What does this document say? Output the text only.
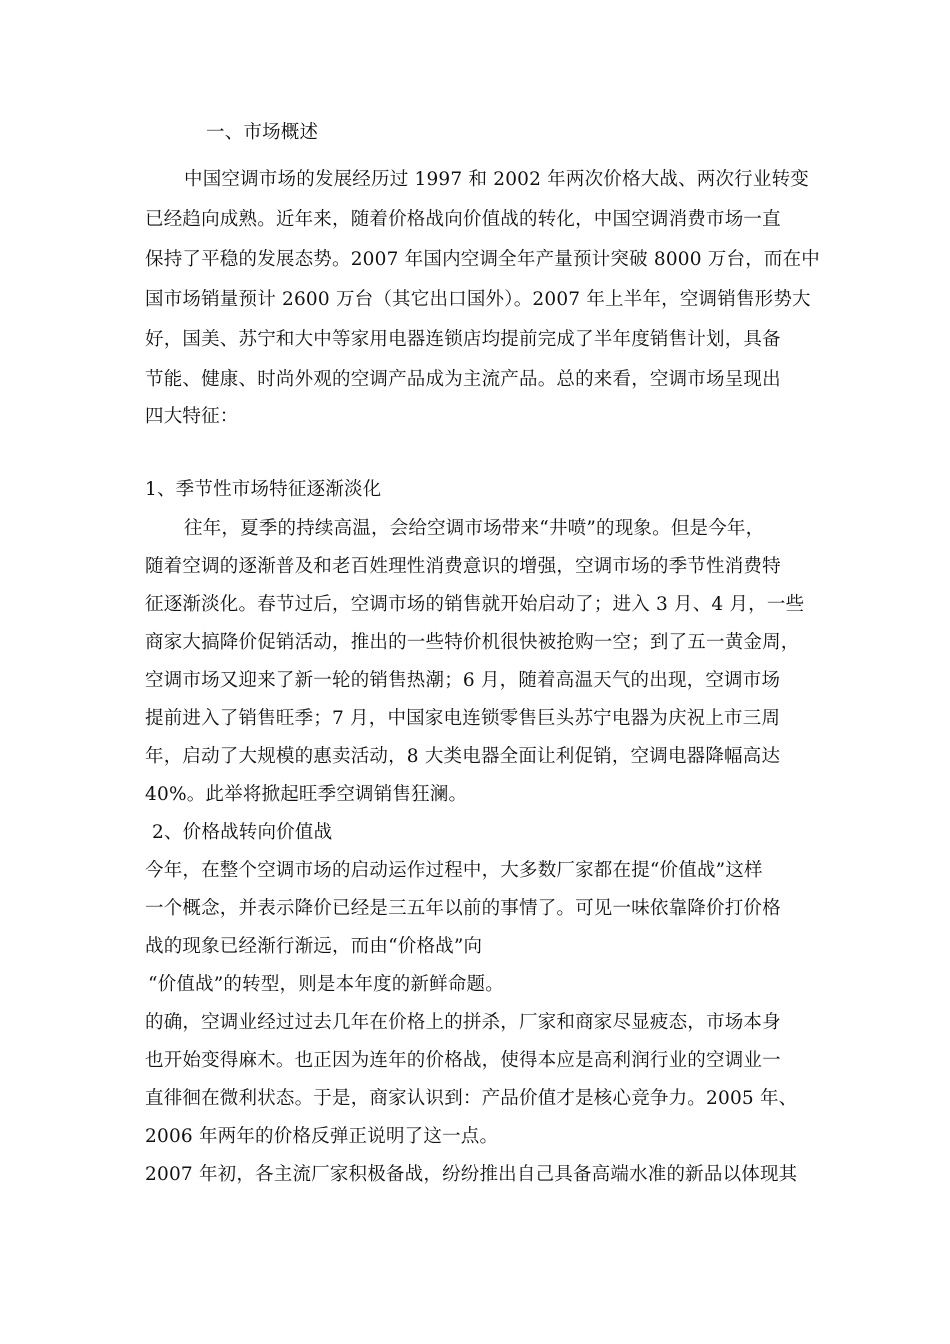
一、市场概述
中国空调市场的发展经历过 1997 和 2002 年两次价格大战、两次行业转变
已经趋向成熟。近年来，随着价格战向价值战的转化，中国空调消费市场一直
保持了平稳的发展态势。2007 年国内空调全年产量预计突破 8000 万台，而在中
国市场销量预计 2600 万台（其它出口国外）。2007 年上半年，空调销售形势大
好，国美、苏宁和大中等家用电器连锁店均提前完成了半年度销售计划，具备
节能、健康、时尚外观的空调产品成为主流产品。总的来看，空调市场呈现出
四大特征：
1、季节性市场特征逐渐淡化
往年，夏季的持续高温，会给空调市场带来“井喷”的现象。但是今年，
随着空调的逐渐普及和老百姓理性消费意识的增强，空调市场的季节性消费特
征逐渐淡化。春节过后，空调市场的销售就开始启动了；进入 3 月、4 月，一些
商家大搞降价促销活动，推出的一些特价机很快被抢购一空；到了五一黄金周，
空调市场又迎来了新一轮的销售热潮；6 月，随着高温天气的出现，空调市场
提前进入了销售旺季；7 月，中国家电连锁零售巨头苏宁电器为庆祝上市三周
年，启动了大规模的惠卖活动，8 大类电器全面让利促销，空调电器降幅高达
40%。此举将掀起旺季空调销售狂澜。
2、价格战转向价值战
今年，在整个空调市场的启动运作过程中，大多数厂家都在提“价值战”这样
一个概念，并表示降价已经是三五年以前的事情了。可见一味依靠降价打价格
战的现象已经渐行渐远，而由“价格战”向
“价值战”的转型，则是本年度的新鲜命题。
的确，空调业经过过去几年在价格上的拼杀，厂家和商家尽显疲态，市场本身
也开始变得麻木。也正因为连年的价格战，使得本应是高利润行业的空调业一
直徘徊在微利状态。于是，商家认识到：产品价值才是核心竞争力。2005 年、
2006 年两年的价格反弹正说明了这一点。
2007 年初，各主流厂家积极备战，纷纷推出自己具备高端水准的新品以体现其
